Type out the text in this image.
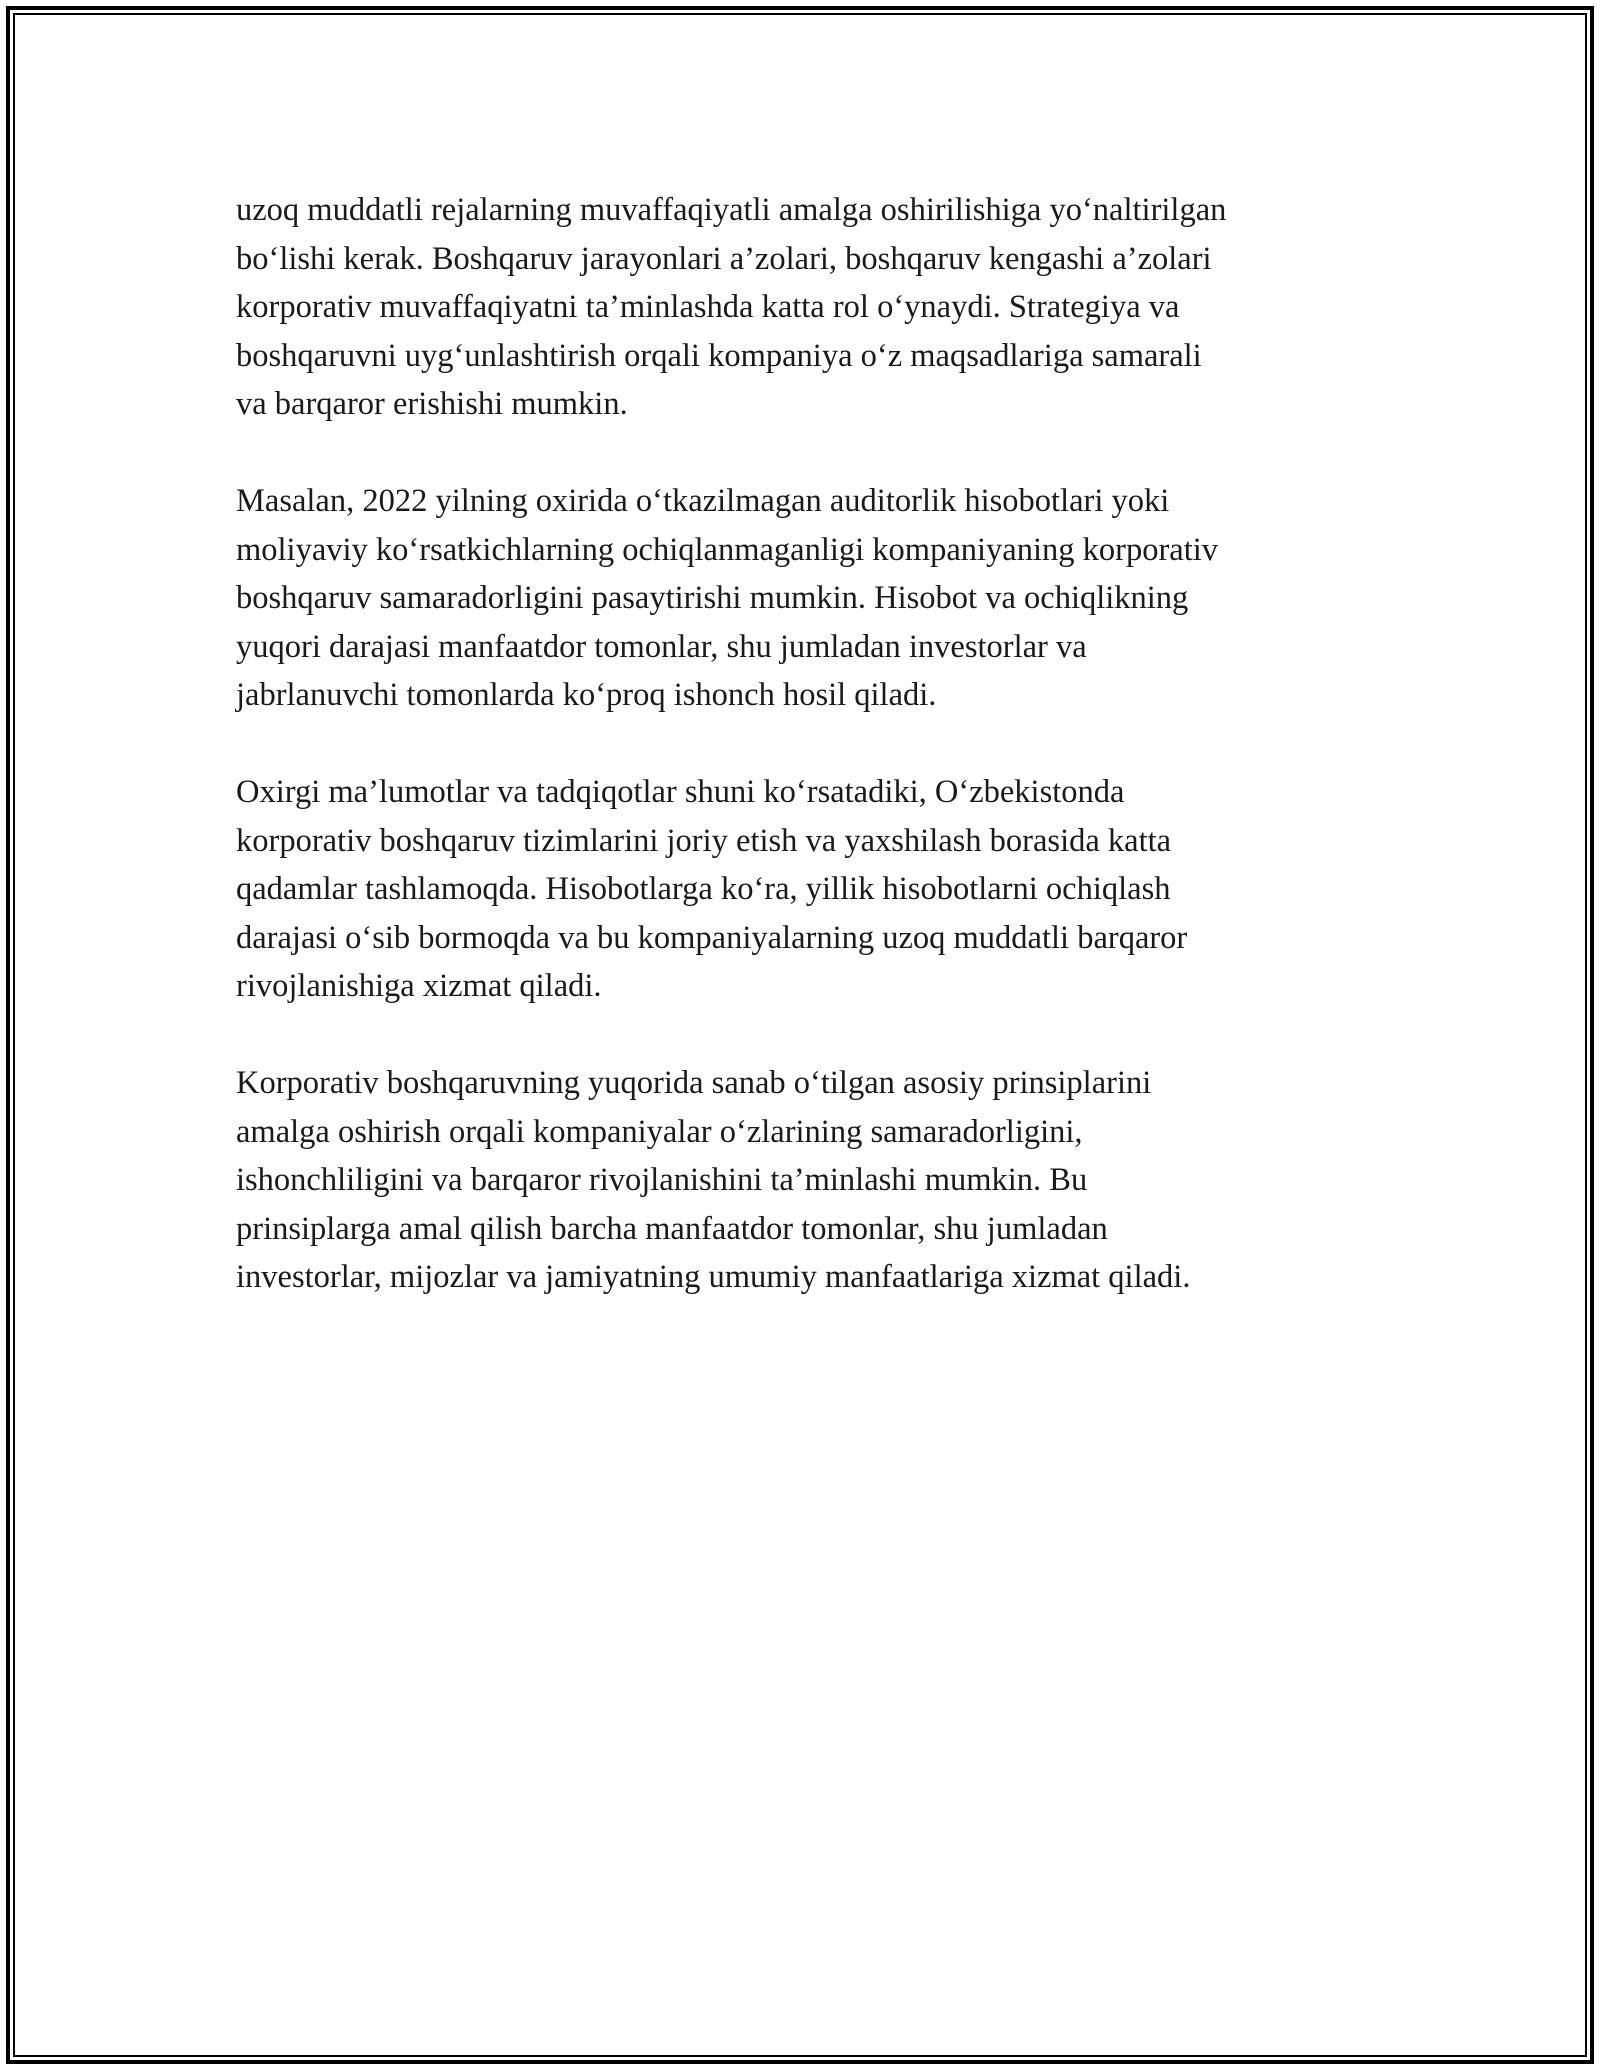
uzoq muddatli rejalarning muvaffaqiyatli amalga oshirilishiga yo‘naltirilgan
bo‘lishi kerak. Boshqaruv jarayonlari a’zolari, boshqaruv kengashi a’zolari
korporativ muvaffaqiyatni ta’minlashda katta rol o‘ynaydi. Strategiya va
boshqaruvni uyg‘unlashtirish orqali kompaniya o‘z maqsadlariga samarali
va barqaror erishishi mumkin.

Masalan, 2022 yilning oxirida o‘tkazilmagan auditorlik hisobotlari yoki
moliyaviy ko‘rsatkichlarning ochiqlanmaganligi kompaniyaning korporativ
boshqaruv samaradorligini pasaytirishi mumkin. Hisobot va ochiqlikning
yuqori darajasi manfaatdor tomonlar, shu jumladan investorlar va
jabrlanuvchi tomonlarda ko‘proq ishonch hosil qiladi.

Oxirgi ma’lumotlar va tadqiqotlar shuni ko‘rsatadiki, O‘zbekistonda
korporativ boshqaruv tizimlarini joriy etish va yaxshilash borasida katta
qadamlar tashlamoqda. Hisobotlarga ko‘ra, yillik hisobotlarni ochiqlash
darajasi o‘sib bormoqda va bu kompaniyalarning uzoq muddatli barqaror
rivojlanishiga xizmat qiladi.

Korporativ boshqaruvning yuqorida sanab o‘tilgan asosiy prinsiplarini
amalga oshirish orqali kompaniyalar o‘zlarining samaradorligini,
ishonchliligini va barqaror rivojlanishini ta’minlashi mumkin. Bu
prinsiplarga amal qilish barcha manfaatdor tomonlar, shu jumladan
investorlar, mijozlar va jamiyatning umumiy manfaatlariga xizmat qiladi.
